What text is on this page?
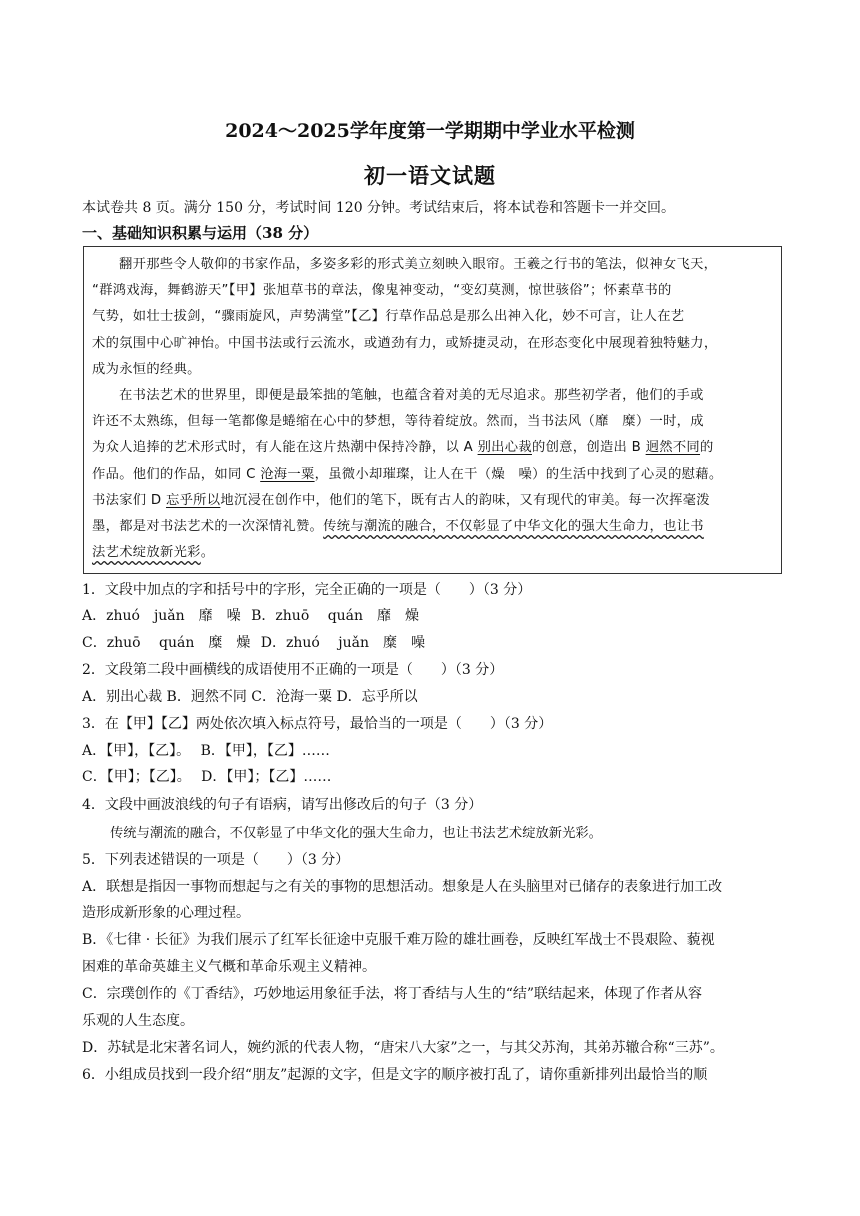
2024～2025学年度第一学期期中学业水平检测
初一语文试题
本试卷共 8 页。满分 150 分，考试时间 120 分钟。考试结束后，将本试卷和答题卡一并交回。
一、基础知识积累与运用（38 分）
翻开那些令人敬仰的书家作品，多姿多彩的形式美立刻映入眼帘。王羲之行书的笔法，似神女飞天，
“群鸿戏海，舞鹤游天”【甲】张旭草书的章法，像鬼神变动，“变幻莫测，惊世骇俗”；怀素草书的
气势，如壮士拔剑，“骤雨旋风，声势满堂”【乙】行草作品总是那么出神入化，妙不可言，让人在艺
术的氛围中心旷神怡。中国书法或行云流水，或遒劲有力，或矫捷灵动，在形态变化中展现着独特魅力，
成为永恒的经典。
在书法艺术的世界里，即便是最笨拙的笔触，也蕴含着对美的无尽追求。那些初学者，他们的手或
许还不太熟练，但每一笔都像是蜷缩在心中的梦想，等待着绽放。然而，当书法风（靡　糜）一时，成
为众人追捧的艺术形式时，有人能在这片热潮中保持冷静，以 A 别出心裁的创意，创造出 B 迥然不同的
作品。他们的作品，如同 C 沧海一粟，虽微小却璀璨，让人在干（燥　噪）的生活中找到了心灵的慰藉。
书法家们 D 忘乎所以地沉浸在创作中，他们的笔下，既有古人的韵味，又有现代的审美。每一次挥毫泼
墨，都是对书法艺术的一次深情礼赞。传统与潮流的融合，不仅彰显了中华文化的强大生命力，也让书
法艺术绽放新光彩。
1．文段中加点的字和括号中的字形，完全正确的一项是（　　）（3 分）
A．zhuó　juǎn　靡　噪 B．zhuō　 quán　靡　燥
C．zhuō　 quán　糜　燥 D．zhuó　 juǎn　糜　噪
2．文段第二段中画横线的成语使用不正确的一项是（　　）（3 分）
A．别出心裁 B．迥然不同 C．沧海一粟 D．忘乎所以
3．在【甲】【乙】两处依次填入标点符号，最恰当的一项是（　　）（3 分）
A．【甲】，【乙】。 B．【甲】，【乙】……
C．【甲】；【乙】。 D．【甲】；【乙】……
4．文段中画波浪线的句子有语病，请写出修改后的句子（3 分）
传统与潮流的融合，不仅彰显了中华文化的强大生命力，也让书法艺术绽放新光彩。
5．下列表述错误的一项是（　　）（3 分）
A．联想是指因一事物而想起与之有关的事物的思想活动。想象是人在头脑里对已储存的表象进行加工改
造形成新形象的心理过程。
B．《七律 · 长征》为我们展示了红军长征途中克服千难万险的雄壮画卷，反映红军战士不畏艰险、藐视
困难的革命英雄主义气概和革命乐观主义精神。
C．宗璞创作的《丁香结》，巧妙地运用象征手法，将丁香结与人生的“结”联结起来，体现了作者从容
乐观的人生态度。
D．苏轼是北宋著名词人，婉约派的代表人物，“唐宋八大家”之一，与其父苏洵，其弟苏辙合称“三苏”。
6．小组成员找到一段介绍“朋友”起源的文字，但是文字的顺序被打乱了，请你重新排列出最恰当的顺
